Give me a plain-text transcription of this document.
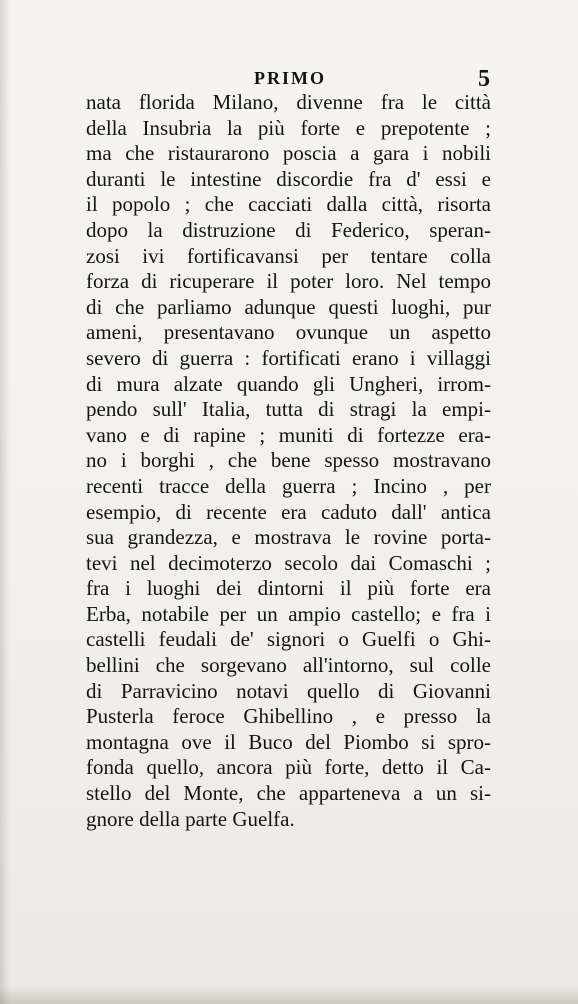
PRIMO	5
nata florida Milano, divenne fra le città
della Insubria la più forte e prepotente ;
ma che ristaurarono poscia a gara i nobili
duranti le intestine discordie fra d' essi e
il popolo ; che cacciati dalla città, risorta
dopo la distruzione di Federico, speran-
zosi ivi fortificavansi per tentare colla
forza di ricuperare il poter loro. Nel tempo
di che parliamo adunque questi luoghi, pur
ameni, presentavano ovunque un aspetto
severo di guerra : fortificati erano i villaggi
di mura alzate quando gli Ungheri, irrom-
pendo sull' Italia, tutta di stragi la empi-
vano e di rapine ; muniti di fortezze era-
no i borghi , che bene spesso mostravano
recenti tracce della guerra ; Incino , per
esempio, di recente era caduto dall' antica
sua grandezza, e mostrava le rovine porta-
tevi nel decimoterzo secolo dai Comaschi ;
fra i luoghi dei dintorni il più forte era
Erba, notabile per un ampio castello; e fra i
castelli feudali de' signori o Guelfi o Ghi-
bellini che sorgevano all'intorno, sul colle
di Parravicino notavi quello di Giovanni
Pusterla feroce Ghibellino , e presso la
montagna ove il Buco del Piombo si spro-
fonda quello, ancora più forte, detto il Ca-
stello del Monte, che apparteneva a un si-
gnore della parte Guelfa.
